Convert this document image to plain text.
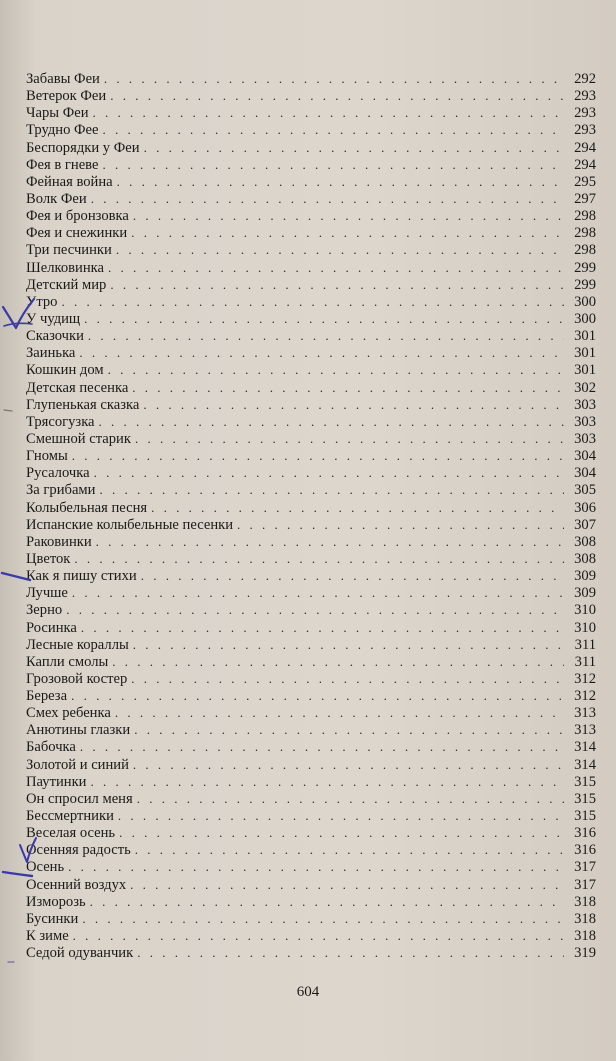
Забавы Феи . . .	292
Ветерок Феи . . .	293
Чары Феи . . .	293
Трудно Фее . . .	293
Беспорядки у Феи . . .	294
Фея в гневе . . .	294
Фейная война . . .	295
Волк Феи . . .	297
Фея и бронзовка . . .	298
Фея и снежинки . . .	298
Три песчинки . . .	298
Шелковинка . . .	299
Детский мир . . .	299
Утро . . .	300
У чудищ . . .	300
Сказочки . . .	301
Заинька . . .	301
Кошкин дом . . .	301
Детская песенка . . .	302
Глупенькая сказка . . .	303
Трясогузка . . .	303
Смешной старик . . .	303
Гномы . . .	304
Русалочка . . .	304
За грибами . . .	305
Колыбельная песня . . .	306
Испанские колыбельные песенки . . .	307
Раковинки . . .	308
Цветок . . .	308
Как я пишу стихи . . .	309
Лучше . . .	309
Зерно . . .	310
Росинка . . .	310
Лесные кораллы . . .	311
Капли смолы . . .	311
Грозовой костер . . .	312
Береза . . .	312
Смех ребенка . . .	313
Анютины глазки . . .	313
Бабочка . . .	314
Золотой и синий . . .	314
Паутинки . . .	315
Он спросил меня . . .	315
Бессмертники . . .	315
Веселая осень . . .	316
Осенняя радость . . .	316
Осень . . .	317
Осенний воздух . . .	317
Изморозь . . .	318
Бусинки . . .	318
К зиме . . .	318
Седой одуванчик . . .	319
604
